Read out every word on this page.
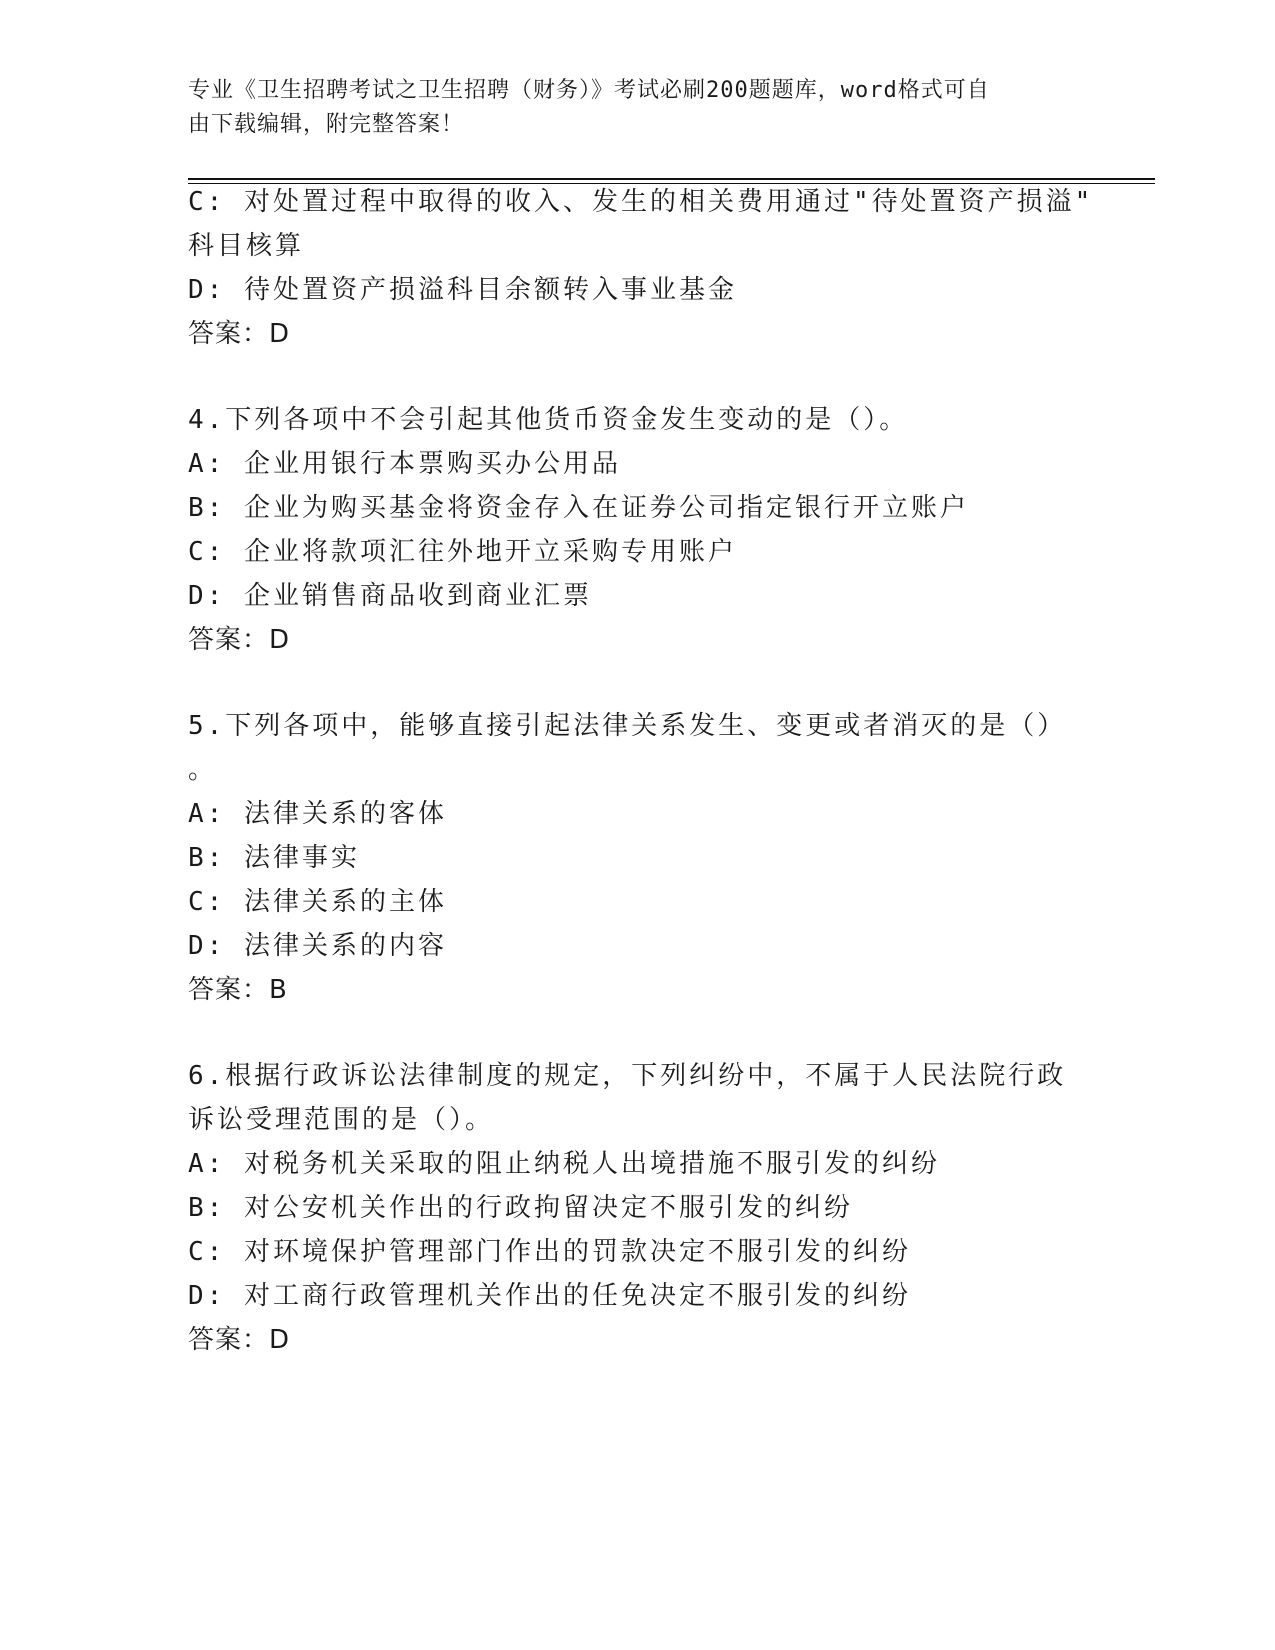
专业《卫生招聘考试之卫生招聘（财务）》考试必刷200题题库，word格式可自
由下载编辑，附完整答案！
C: 对处置过程中取得的收入、发生的相关费用通过"待处置资产损溢"
科目核算
D: 待处置资产损溢科目余额转入事业基金
答案：D
4.下列各项中不会引起其他货币资金发生变动的是（）。
A: 企业用银行本票购买办公用品
B: 企业为购买基金将资金存入在证券公司指定银行开立账户
C: 企业将款项汇往外地开立采购专用账户
D: 企业销售商品收到商业汇票
答案：D
5.下列各项中，能够直接引起法律关系发生、变更或者消灭的是（）
。
A: 法律关系的客体
B: 法律事实
C: 法律关系的主体
D: 法律关系的内容
答案：B
6.根据行政诉讼法律制度的规定，下列纠纷中，不属于人民法院行政
诉讼受理范围的是（）。
A: 对税务机关采取的阻止纳税人出境措施不服引发的纠纷
B: 对公安机关作出的行政拘留决定不服引发的纠纷
C: 对环境保护管理部门作出的罚款决定不服引发的纠纷
D: 对工商行政管理机关作出的任免决定不服引发的纠纷
答案：D
